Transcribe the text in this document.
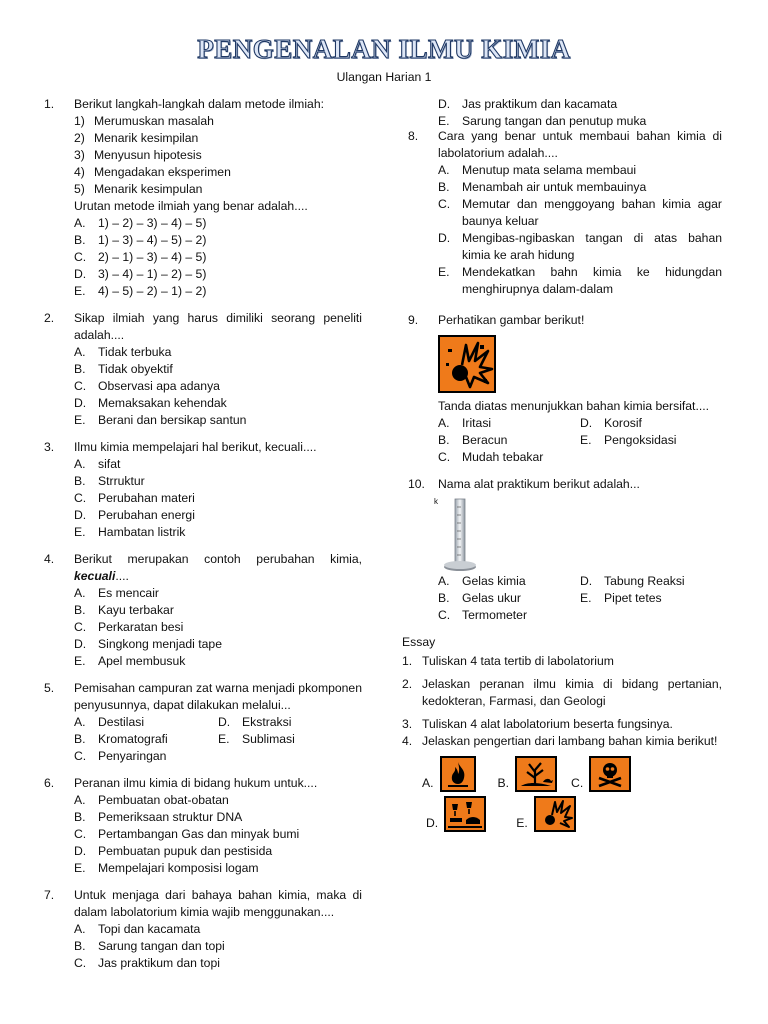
PENGENALAN ILMU KIMIA
Ulangan Harian 1
1. Berikut langkah-langkah dalam metode ilmiah:
1) Merumuskan masalah
2) Menarik kesimpilan
3) Menyusun hipotesis
4) Mengadakan eksperimen
5) Menarik kesimpulan
Urutan metode ilmiah yang benar adalah....
A. 1) – 2) – 3) – 4) – 5)
B. 1) – 3) – 4) – 5) – 2)
C. 2) – 1) – 3) – 4) – 5)
D. 3) – 4) – 1) – 2) – 5)
E. 4) – 5) – 2) – 1) – 2)
2. Sikap ilmiah yang harus dimiliki seorang peneliti adalah....
A. Tidak terbuka
B. Tidak obyektif
C. Observasi apa adanya
D. Memaksakan kehendak
E. Berani dan bersikap santun
3. Ilmu kimia mempelajari hal berikut, kecuali....
A. sifat
B. Strruktur
C. Perubahan materi
D. Perubahan energi
E. Hambatan listrik
4. Berikut merupakan contoh perubahan kimia, kecuali....
A. Es mencair
B. Kayu terbakar
C. Perkaratan besi
D. Singkong menjadi tape
E. Apel membusuk
5. Pemisahan campuran zat warna menjadi pkomponen penyusunnya, dapat dilakukan melalui...
A. Destilasi	D. Ekstraksi
B. Kromatografi	E. Sublimasi
C. Penyaringan
6. Peranan ilmu kimia di bidang hukum untuk....
A. Pembuatan obat-obatan
B. Pemeriksaan struktur DNA
C. Pertambangan Gas dan minyak bumi
D. Pembuatan pupuk dan pestisida
E. Mempelajari komposisi logam
7. Untuk menjaga dari bahaya bahan kimia, maka di dalam labolatorium kimia wajib menggunakan....
A. Topi dan kacamata
B. Sarung tangan dan topi
C. Jas praktikum dan topi
D. Jas praktikum dan kacamata
E. Sarung tangan dan penutup muka
8. Cara yang benar untuk membaui bahan kimia di labolatorium adalah....
A. Menutup mata selama membaui
B. Menambah air untuk membauinya
C. Memutar dan menggoyang bahan kimia agar baunya keluar
D. Mengibas-ngibaskan tangan di atas bahan kimia ke arah hidung
E. Mendekatkan bahn kimia ke hidungdan menghirupnya dalam-dalam
9. Perhatikan gambar berikut!
Tanda diatas menunjukkan bahan kimia bersifat....
A. Iritasi	D. Korosif
B. Beracun	E. Pengoksidasi
C. Mudah tebakar
10. Nama alat praktikum berikut adalah...
k
A. Gelas kimia	D. Tabung Reaksi
B. Gelas ukur	E. Pipet tetes
C. Termometer
Essay
1. Tuliskan 4 tata tertib di labolatorium
2. Jelaskan peranan ilmu kimia di bidang pertanian, kedokteran, Farmasi, dan Geologi
3. Tuliskan 4 alat labolatorium beserta fungsinya.
4. Jelaskan pengertian dari lambang bahan kimia berikut!
A.	B.	C.
D.	E.
